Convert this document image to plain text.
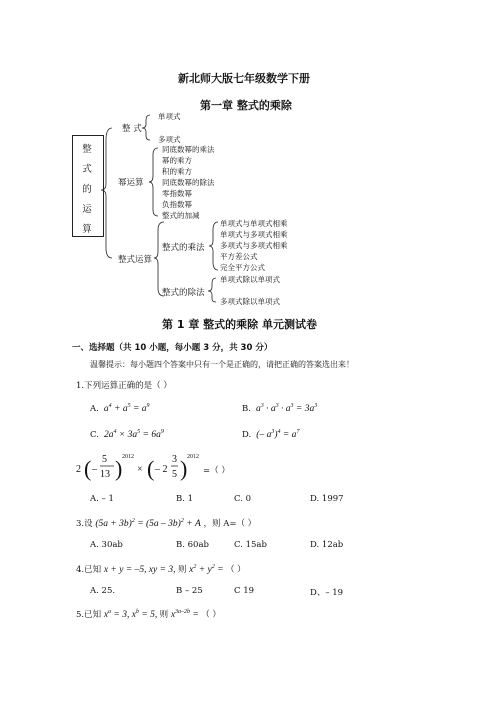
新北师大版七年级数学下册
第一章 整式的乘除
整
式
的
运
算
整 式
单项式
多项式
幂运算
同底数幂的乘法
幂的乘方
积的乘方
同底数幂的除法
零指数幂
负指数幂
整式的加减
整式运算
整式的乘法
单项式与单项式相乘
单项式与多项式相乘
多项式与多项式相乘
平方差公式
完全平方公式
整式的除法
单项式除以单项式
多项式除以单项式
第 1 章 整式的乘除 单元测试卷
一、选择题（共 10 小题，每小题 3 分，共 30 分）
温馨提示：每小题四个答案中只有一个是正确的，请把正确的答案选出来！
1.下列运算正确的是（ ）
A.  $a^4 + a^5 = a^9$	B.  $a^3 \cdot a^3 \cdot a^3 = 3a^3$
C.  $2a^4 \times 3a^5 = 6a^9$	D.  (– $a^3)^4 = a^7$
2 ( –
5
13 ) 2012
× ( – 2
3
5 ) 2012
=（ ）
A. – 1	B. 1	C. 0	D. 1997
3.设 $(5a + 3b)^2 = (5a - 3b)^2 + A$ ，则 A=（ ）
A. 30ab	B. 60ab	C. 15ab	D. 12ab
4.已知 x + y = –5, xy = 3, 则 $x^2 + y^2$ = （ ）
A. 25.	B – 25	C 19	D、– 19
5.已知 $x^a = 3$, $x^b = 5$, 则 $x^{3a-2b}$ = （ ）
